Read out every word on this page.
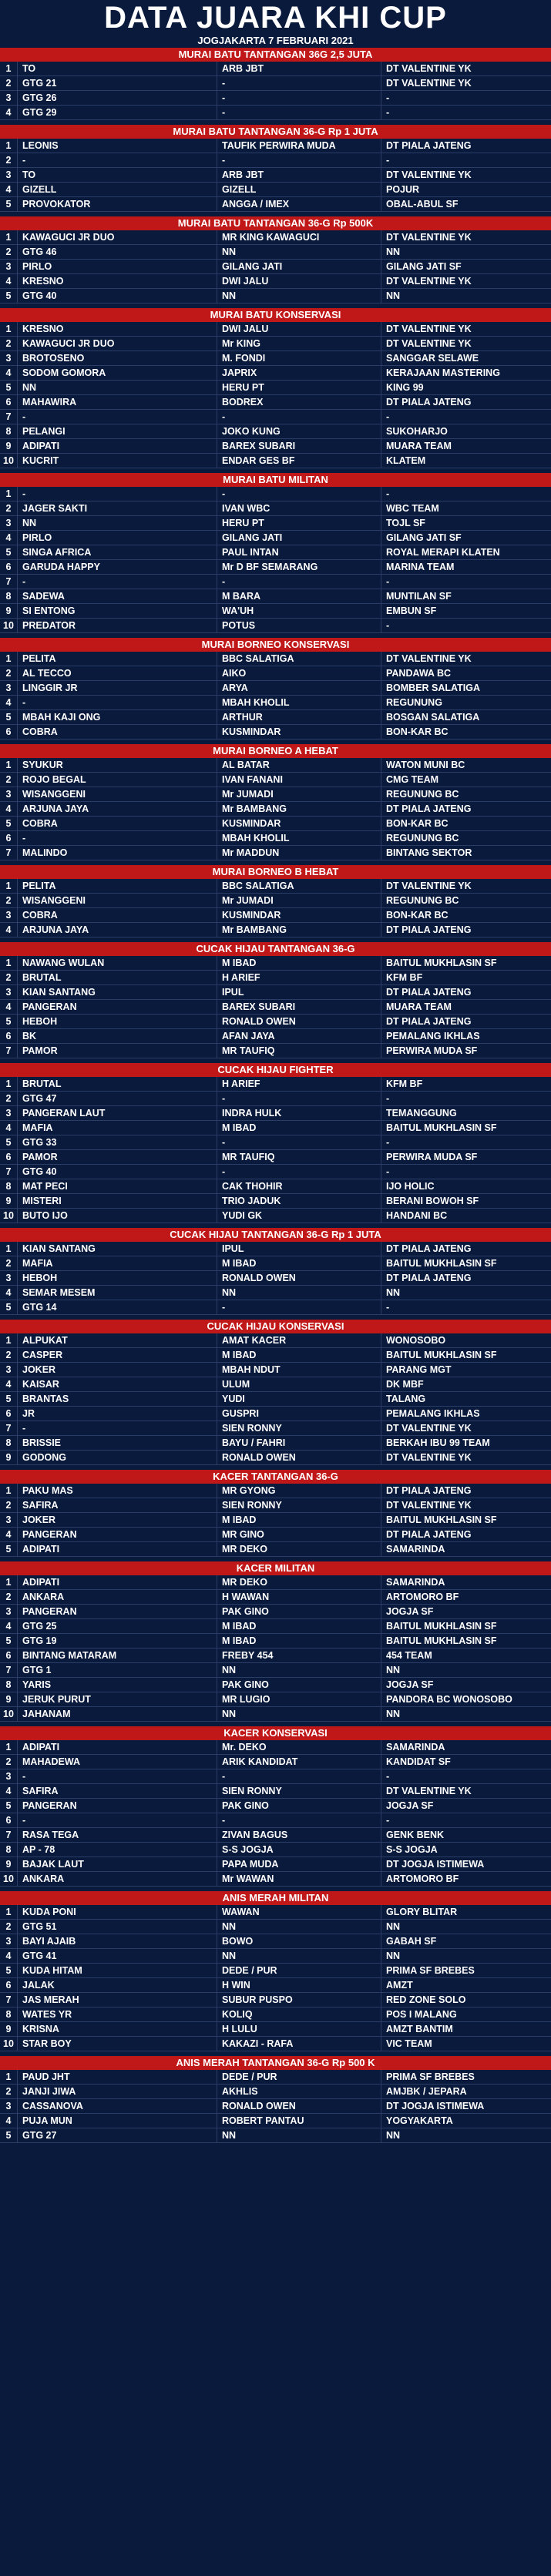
DATA JUARA KHI CUP
JOGJAKARTA 7 FEBRUARI 2021
MURAI BATU TANTANGAN 36G 2,5 JUTA
1	TO	ARB JBT	DT VALENTINE YK
2	GTG 21	-	DT VALENTINE YK
3	GTG 26	-	-
4	GTG 29	-	-
MURAI BATU TANTANGAN 36-G Rp 1 JUTA
1	LEONIS	TAUFIK PERWIRA MUDA	DT PIALA JATENG
2	-	-	-
3	TO	ARB JBT	DT VALENTINE YK
4	GIZELL	GIZELL	POJUR
5	PROVOKATOR	ANGGA / IMEX	OBAL-ABUL SF
MURAI BATU TANTANGAN 36-G Rp 500K
1	KAWAGUCI JR DUO	MR KING KAWAGUCI	DT VALENTINE YK
2	GTG 46	NN	NN
3	PIRLO	GILANG JATI	GILANG JATI SF
4	KRESNO	DWI JALU	DT VALENTINE YK
5	GTG 40	NN	NN
MURAI BATU KONSERVASI
1	KRESNO	DWI JALU	DT VALENTINE YK
2	KAWAGUCI JR DUO	Mr KING	DT VALENTINE YK
3	BROTOSENO	M. FONDI	SANGGAR SELAWE
4	SODOM GOMORA	JAPRIX	KERAJAAN MASTERING
5	NN	HERU PT	KING 99
6	MAHAWIRA	BODREX	DT PIALA JATENG
7	-	-	-
8	PELANGI	JOKO KUNG	SUKOHARJO
9	ADIPATI	BAREX SUBARI	MUARA TEAM
10 KUCRIT	ENDAR GES BF	KLATEM
MURAI BATU MILITAN
1	-	-	-
2	JAGER SAKTI	IVAN WBC	WBC TEAM
3	NN	HERU PT	TOJL SF
4	PIRLO	GILANG JATI	GILANG JATI SF
5	SINGA AFRICA	PAUL INTAN	ROYAL MERAPI KLATEN
6	GARUDA HAPPY	Mr D BF SEMARANG	MARINA TEAM
7	-	-	-
8	SADEWA	M BARA	MUNTILAN SF
9	SI ENTONG	WA'UH	EMBUN SF
10 PREDATOR	POTUS	-
MURAI BORNEO KONSERVASI
1	PELITA	BBC SALATIGA	DT VALENTINE YK
2	AL TECCO	AIKO	PANDAWA BC
3	LINGGIR JR	ARYA	BOMBER SALATIGA
4	-	MBAH KHOLIL	REGUNUNG
5	MBAH KAJI ONG	ARTHUR	BOSGAN SALATIGA
6	COBRA	KUSMINDAR	BON-KAR BC
MURAI BORNEO A HEBAT
1	SYUKUR	AL BATAR	WATON MUNI BC
2	ROJO BEGAL	IVAN FANANI	CMG TEAM
3	WISANGGENI	Mr JUMADI	REGUNUNG BC
4	ARJUNA JAYA	Mr BAMBANG	DT PIALA JATENG
5	COBRA	KUSMINDAR	BON-KAR BC
6	-	MBAH KHOLIL	REGUNUNG BC
7	MALINDO	Mr MADDUN	BINTANG SEKTOR
MURAI BORNEO B HEBAT
1	PELITA	BBC SALATIGA	DT VALENTINE YK
2	WISANGGENI	Mr JUMADI	REGUNUNG BC
3	COBRA	KUSMINDAR	BON-KAR BC
4	ARJUNA JAYA	Mr BAMBANG	DT PIALA JATENG
CUCAK HIJAU TANTANGAN 36-G
1	NAWANG WULAN	M IBAD	BAITUL MUKHLASIN SF
2	BRUTAL	H ARIEF	KFM BF
3	KIAN SANTANG	IPUL	DT PIALA JATENG
4	PANGERAN	BAREX SUBARI	MUARA TEAM
5	HEBOH	RONALD OWEN	DT PIALA JATENG
6	BK	AFAN JAYA	PEMALANG IKHLAS
7	PAMOR	MR TAUFIQ	PERWIRA MUDA SF
CUCAK HIJAU FIGHTER
1	BRUTAL	H ARIEF	KFM BF
2	GTG 47	-	-
3	PANGERAN LAUT	INDRA HULK	TEMANGGUNG
4	MAFIA	M IBAD	BAITUL MUKHLASIN SF
5	GTG 33	-	-
6	PAMOR	MR TAUFIQ	PERWIRA MUDA SF
7	GTG 40	-	-
8	MAT PECI	CAK THOHIR	IJO HOLIC
9	MISTERI	TRIO JADUK	BERANI BOWOH SF
10 BUTO IJO	YUDI GK	HANDANI BC
CUCAK HIJAU TANTANGAN 36-G Rp 1 JUTA
1	KIAN SANTANG	IPUL	DT PIALA JATENG
2	MAFIA	M IBAD	BAITUL MUKHLASIN SF
3	HEBOH	RONALD OWEN	DT PIALA JATENG
4	SEMAR MESEM	NN	NN
5	GTG 14	-	-
CUCAK HIJAU KONSERVASI
1	ALPUKAT	AMAT KACER	WONOSOBO
2	CASPER	M IBAD	BAITUL MUKHLASIN SF
3	JOKER	MBAH NDUT	PARANG MGT
4	KAISAR	ULUM	DK MBF
5	BRANTAS	YUDI	TALANG
6	JR	GUSPRI	PEMALANG IKHLAS
7	-	SIEN RONNY	DT VALENTINE YK
8	BRISSIE	BAYU / FAHRI	BERKAH IBU 99 TEAM
9	GODONG	RONALD OWEN	DT VALENTINE YK
KACER TANTANGAN 36-G
1	PAKU MAS	MR GYONG	DT PIALA JATENG
2	SAFIRA	SIEN RONNY	DT VALENTINE YK
3	JOKER	M IBAD	BAITUL MUKHLASIN SF
4	PANGERAN	MR GINO	DT PIALA JATENG
5	ADIPATI	MR DEKO	SAMARINDA
KACER MILITAN
1	ADIPATI	MR DEKO	SAMARINDA
2	ANKARA	H WAWAN	ARTOMORO BF
3	PANGERAN	PAK GINO	JOGJA SF
4	GTG 25	M IBAD	BAITUL MUKHLASIN SF
5	GTG 19	M IBAD	BAITUL MUKHLASIN SF
6	BINTANG MATARAM	FREBY 454	454 TEAM
7	GTG 1	NN	NN
8	YARIS	PAK GINO	JOGJA SF
9	JERUK PURUT	MR LUGIO	PANDORA BC WONOSOBO
10 JAHANAM	NN	NN
KACER KONSERVASI
1	ADIPATI	Mr. DEKO	SAMARINDA
2	MAHADEWA	ARIK KANDIDAT	KANDIDAT SF
3	-	-	-
4	SAFIRA	SIEN RONNY	DT VALENTINE YK
5	PANGERAN	PAK GINO	JOGJA SF
6	-	-	-
7	RASA TEGA	ZIVAN BAGUS	GENK BENK
8	AP - 78	S-S JOGJA	S-S JOGJA
9	BAJAK LAUT	PAPA MUDA	DT JOGJA ISTIMEWA
10 ANKARA	Mr WAWAN	ARTOMORO BF
ANIS MERAH MILITAN
1	KUDA PONI	WAWAN	GLORY BLITAR
2	GTG 51	NN	NN
3	BAYI AJAIB	BOWO	GABAH SF
4	GTG 41	NN	NN
5	KUDA HITAM	DEDE / PUR	PRIMA SF BREBES
6	JALAK	H WIN	AMZT
7	JAS MERAH	SUBUR PUSPO	RED ZONE SOLO
8	WATES YR	KOLIQ	POS I MALANG
9	KRISNA	H LULU	AMZT BANTIM
10 STAR BOY	KAKAZI - RAFA	VIC TEAM
ANIS MERAH TANTANGAN 36-G Rp 500 K
1	PAUD JHT	DEDE / PUR	PRIMA SF BREBES
2	JANJI JIWA	AKHLIS	AMJBK / JEPARA
3	CASSANOVA	RONALD OWEN	DT JOGJA ISTIMEWA
4	PUJA MUN	ROBERT PANTAU	YOGYAKARTA
5	GTG 27	NN	NN
